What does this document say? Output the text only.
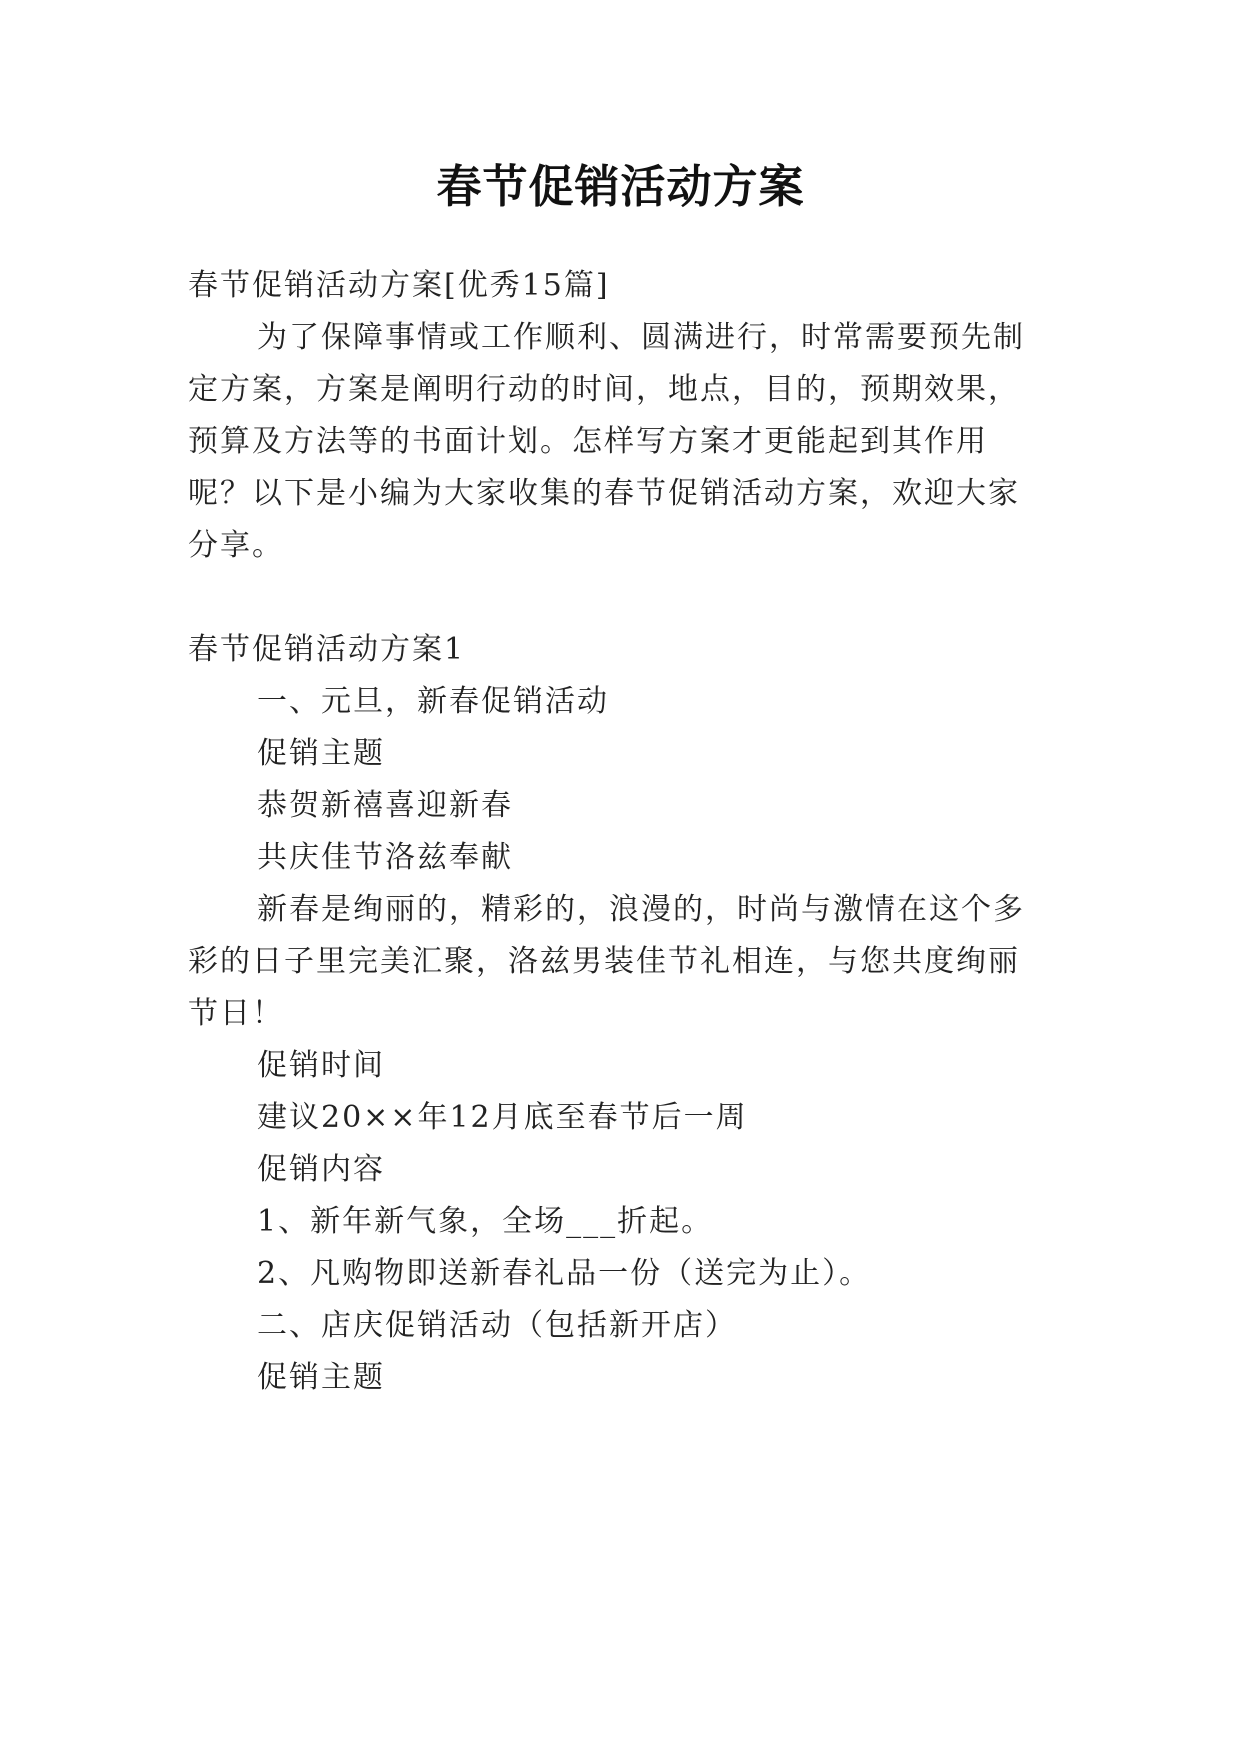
春节促销活动方案
春节促销活动方案[优秀15篇]
为了保障事情或工作顺利、圆满进行，时常需要预先制
定方案，方案是阐明行动的时间，地点，目的，预期效果，
预算及方法等的书面计划。怎样写方案才更能起到其作用
呢？以下是小编为大家收集的春节促销活动方案，欢迎大家
分享。
春节促销活动方案1
一、元旦，新春促销活动
促销主题
恭贺新禧喜迎新春
共庆佳节洛兹奉献
新春是绚丽的，精彩的，浪漫的，时尚与激情在这个多
彩的日子里完美汇聚，洛兹男装佳节礼相连，与您共度绚丽
节日！
促销时间
建议20××年12月底至春节后一周
促销内容
1、新年新气象，全场___折起。
2、凡购物即送新春礼品一份（送完为止）。
二、店庆促销活动（包括新开店）
促销主题
